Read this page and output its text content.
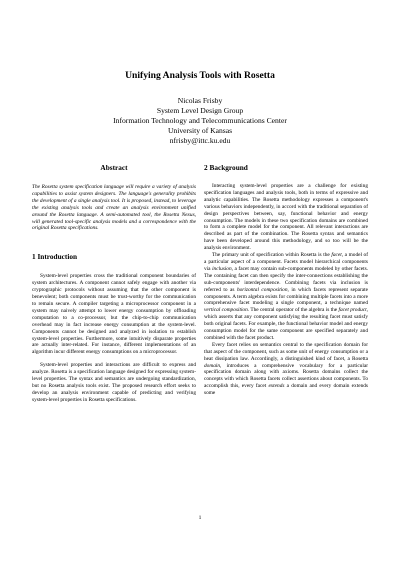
Unifying Analysis Tools with Rosetta
Nicolas Frisby
System Level Design Group
Information Technology and Telecommunications Center
University of Kansas
nfrisby@ittc.ku.edu
Abstract

The Rosetta system specification language will require a variety of analysis capabilities to assist system designers. The language's generality prohibits the development of a single analysis tool. It is proposed, instead, to leverage the existing analysis tools and create an analysis environment unified around the Rosetta language. A semi-automated tool, the Rosetta Nexus, will generated tool-specific analysis models and a correspondence with the original Rosetta specifications.

1 Introduction

System-level properties cross the traditional component boundaries of system architectures. A component cannot safely engage with another via cryptographic protocols without assuming that the other component is benevolent; both components must be trust-worthy for the communication to remain secure. A compiler targeting a microprocessor component in a system may naively attempt to lower energy consumption by offloading computation to a co-processor, but the chip-to-chip communication overhead may in fact increase energy consumption at the system-level. Components cannot be designed and analyzed in isolation to establish system-level properties. Furthermore, some intuitively disparate properties are actually inter-related. For instance, different implementations of an algorithm incur different energy consumptions on a microprocessor.

System-level properties and interactions are difficult to express and analyze. Rosetta is a specification language designed for expressing system-level properties. The syntax and semantics are undergoing standardization, but no Rosetta analysis tools exist. The proposed research effort seeks to develop an analysis environment capable of predicting and verifying system-level properties in Rosetta specifications.

2 Background

Interacting system-level properties are a challenge for existing specification languages and analysis tools, both in terms of expressive and analytic capabilities. The Rosetta methodology expresses a component's various behaviors independently, in accord with the traditional separation of design perspectives between, say, functional behavior and energy consumption. The models in these two specification domains are combined to form a complete model for the component. All relevant interactions are described as part of the combination. The Rosetta syntax and semantics have been developed around this methodology, and so too will be the analysis environment.

The primary unit of specification within Rosetta is the facet, a model of a particular aspect of a component. Facets model hierarchical components via inclusion, a facet may contain sub-components modeled by other facets. The containing facet can then specify the inter-connections establishing the sub-components' interdependence. Combining facets via inclusion is referred to as horizontal composition, in which facets represent separate components. A term algebra exists for combining multiple facets into a more comprehensive facet modeling a single component, a technique named vertical composition. The central operator of the algebra is the facet product, which asserts that any component satisfying the resulting facet must satisfy both original facets. For example, the functional behavior model and energy consumption model for the same component are specified separately and combined with the facet product.

Every facet relies on semantics central to the specification domain for that aspect of the component, such as some unit of energy consumption or a heat dissipation law. Accordingly, a distinguished kind of facet, a Rosetta domain, introduces a comprehensive vocabulary for a particular specification domain along with axioms. Rosetta domains collect the concepts with which Rosetta facets collect assertions about components. To accomplish this, every facet extends a domain and every domain extends some

1
